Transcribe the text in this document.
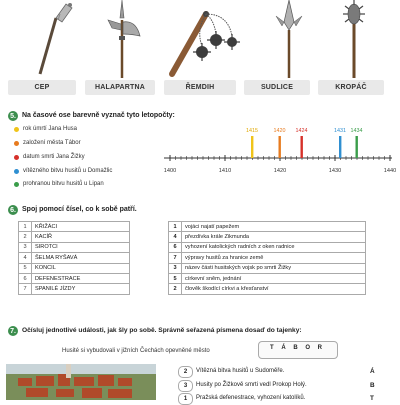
CEP	HALAPARTNA	ŘEMDIH	SUDLICE	KROPÁČ
5. Na časové ose barevně vyznač tyto letopočty:
rok úmrtí Jana Husa
založení města Tábor
datum smrti Jana Žižky
vítězného bitvu husitů u Domažlic
prohranou bitvu husitů u Lipan
1415	1420 1424	1431 1434
1400	1410	1420	1430	1440
6. Spoj pomocí čísel, co k sobě patří.
1	KŘIŽÁCI
2	KACÍŘ
3	SIROTCI
4	ŠELMA RYŠAVÁ
5	KONCIL
6	DEFENESTRACE
7	SPANILÉ JÍZDY
1	vojáci najatí papežem
4	přezdívka krále Zikmunda
6	vyhození katolických radních z oken radnice
7	výpravy husitů za hranice země
3	název části husitských vojsk po smrti Žižky
5	církevní sněm, jednání
2	člověk škodící církvi a křesťanství
7. Očísluj jednotlivé události, jak šly po sobě. Správně seřazená písmena dosaď do tajenky:
Husité si vybudovali v jižních Čechách opevněné město	T Á B O R
2	Vítězná bitva husitů u Sudoměře.	Á
3	Husity po Žižkově smrti vedl Prokop Holý.	B
1	Pražská defenestrace, vyhození katolíků.	T
